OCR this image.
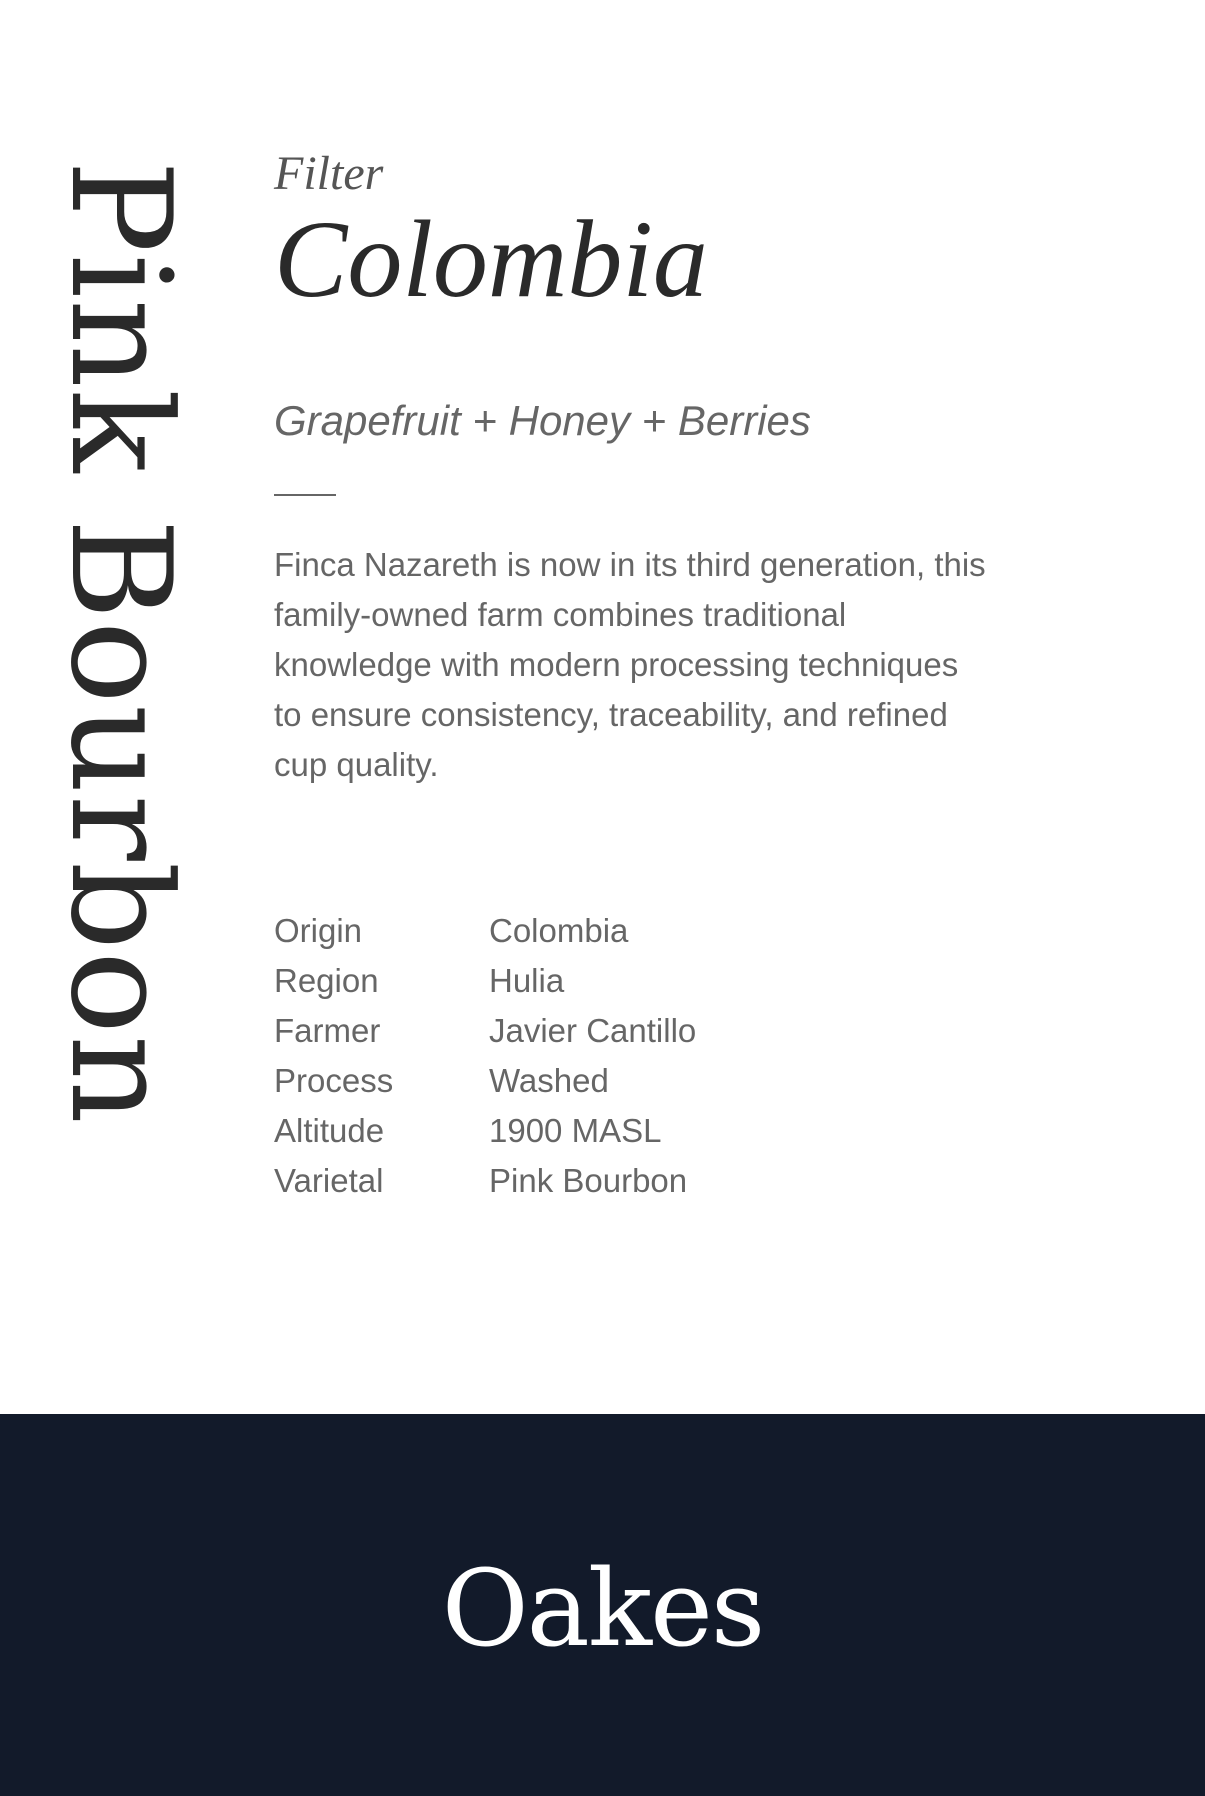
Pink Bourbon Filter
Colombia
Grapefruit + Honey + Berries
Finca Nazareth is now in its third generation, this family-owned farm combines traditional knowledge with modern processing techniques to ensure consistency, traceability, and refined cup quality.
Origin	Colombia
Region	Hulia
Farmer	Javier Cantillo
Process	Washed
Altitude	1900 MASL
Varietal	Pink Bourbon
Oakes
